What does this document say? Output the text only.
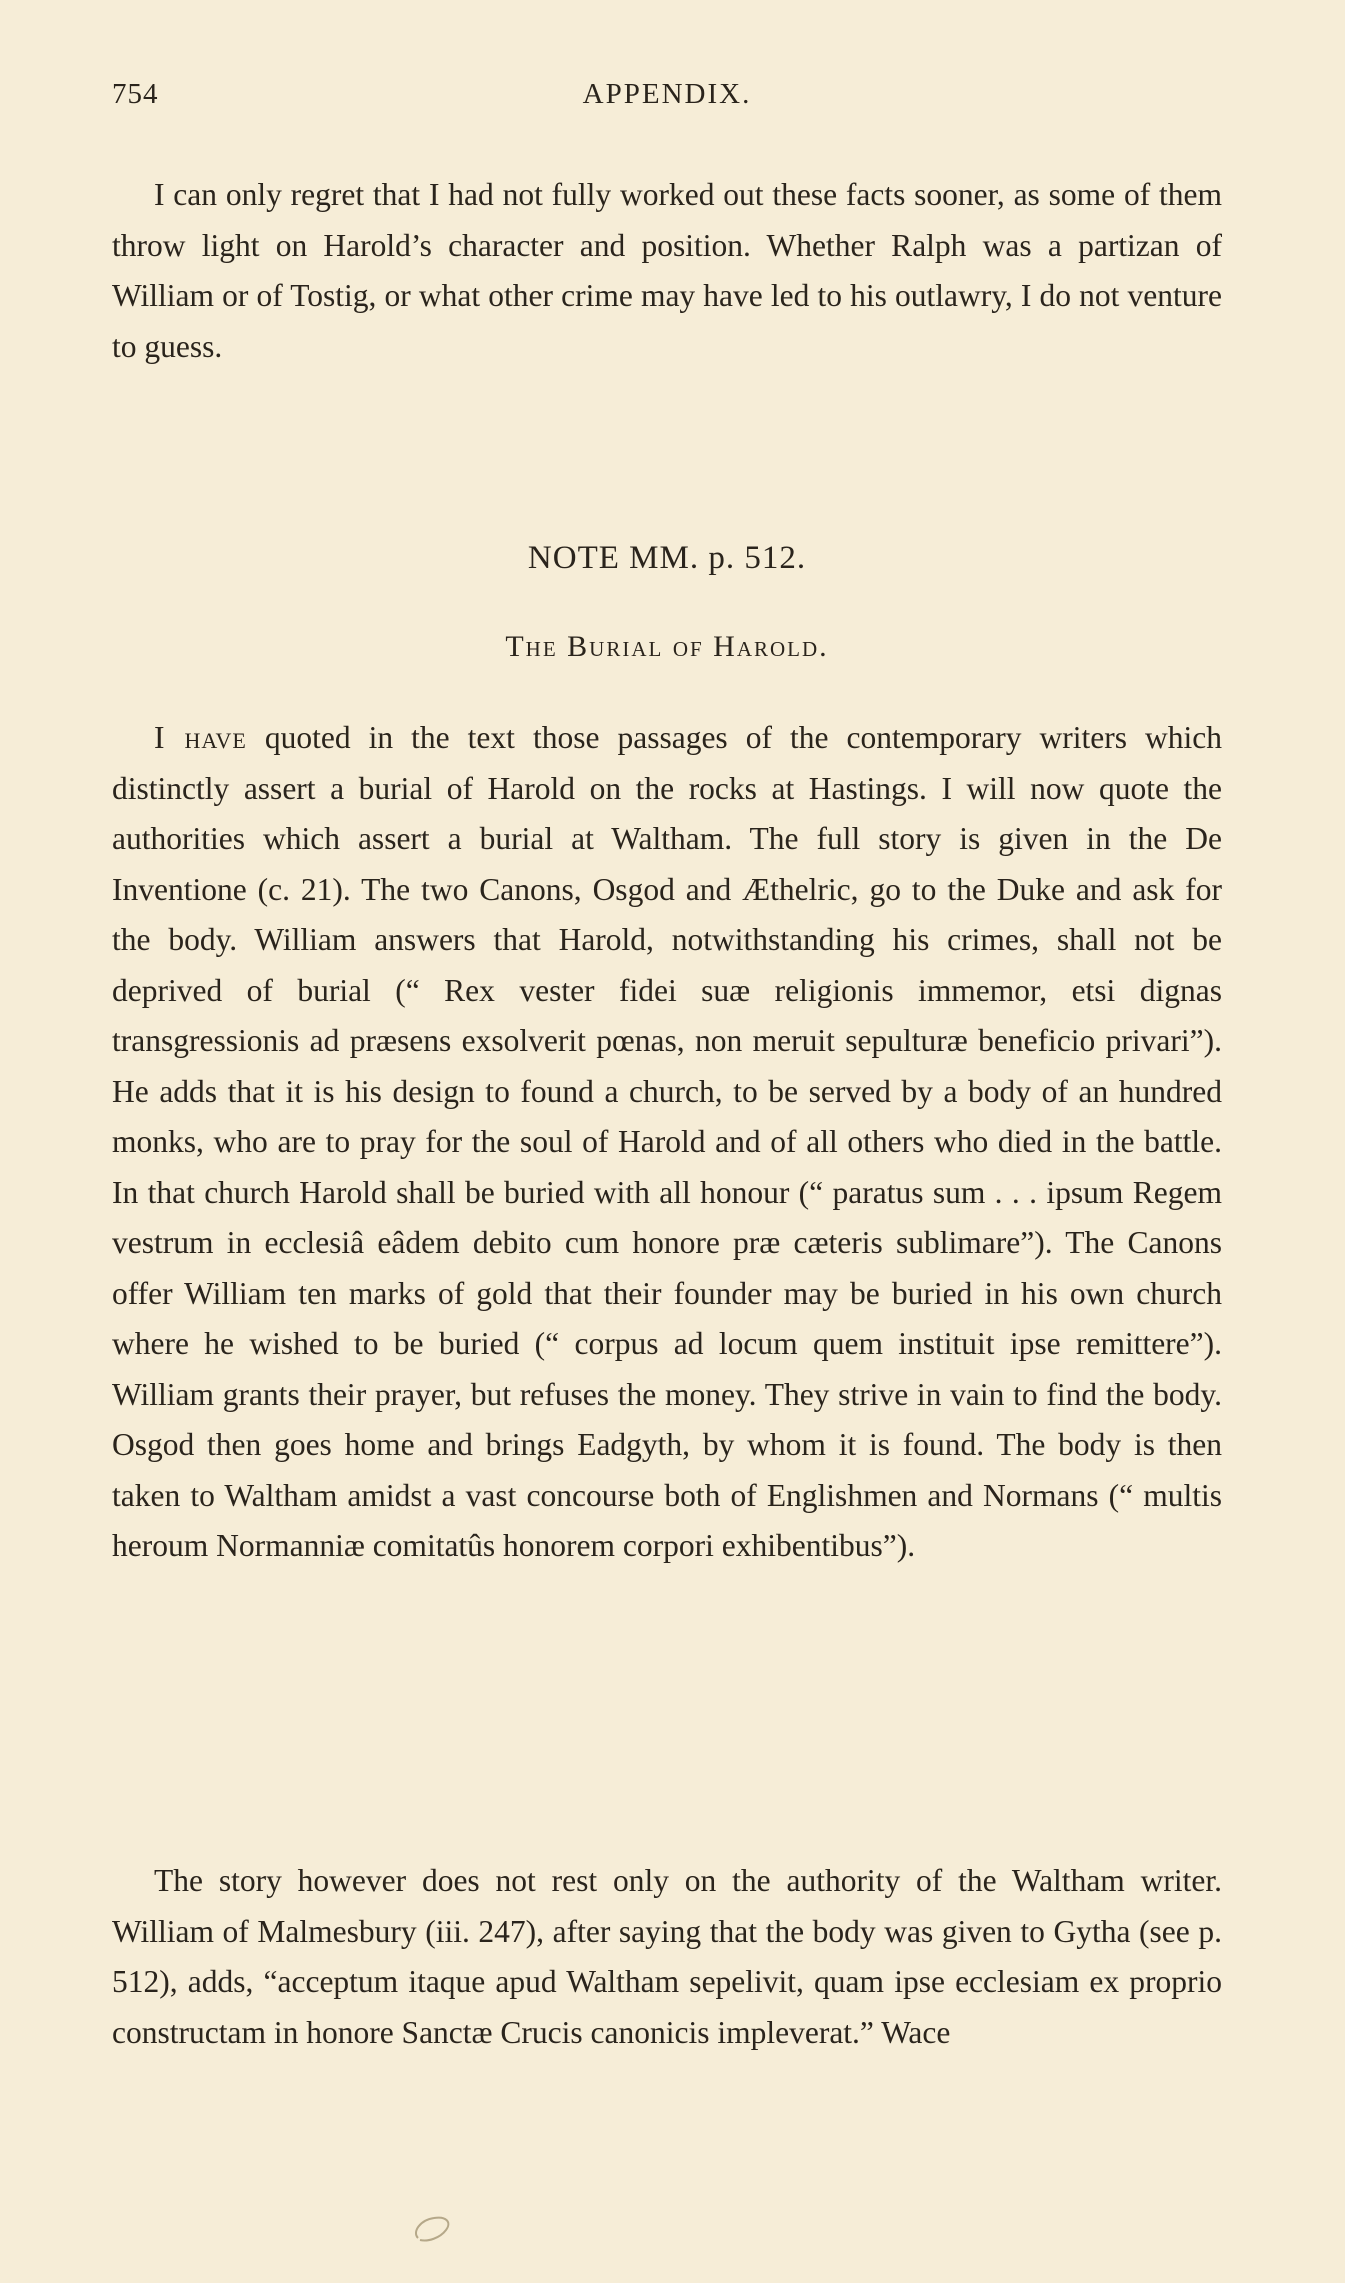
754	APPENDIX.

I can only regret that I had not fully worked out these facts sooner, as some of them throw light on Harold’s character and position. Whether Ralph was a partizan of William or of Tostig, or what other crime may have led to his outlawry, I do not venture to guess.

NOTE MM. p. 512.
The Burial of Harold.

I have quoted in the text those passages of the contemporary writers which distinctly assert a burial of Harold on the rocks at Hastings. I will now quote the authorities which assert a burial at Waltham. The full story is given in the De Inventione (c. 21). The two Canons, Osgod and Æthelric, go to the Duke and ask for the body. William answers that Harold, notwithstanding his crimes, shall not be deprived of burial (“ Rex vester fidei suæ religionis immemor, etsi dignas transgressionis ad præsens exsolverit pœnas, non meruit sepulturæ beneficio privari”). He adds that it is his design to found a church, to be served by a body of an hundred monks, who are to pray for the soul of Harold and of all others who died in the battle. In that church Harold shall be buried with all honour (“ paratus sum . . . ipsum Regem vestrum in ecclesiâ eâdem debito cum honore præ cæteris sublimare”). The Canons offer William ten marks of gold that their founder may be buried in his own church where he wished to be buried (“ corpus ad locum quem instituit ipse remittere”). William grants their prayer, but refuses the money. They strive in vain to find the body. Osgod then goes home and brings Eadgyth, by whom it is found. The body is then taken to Waltham amidst a vast concourse both of Englishmen and Normans (“ multis heroum Normanniæ comitatûs honorem corpori exhibentibus”).

The story however does not rest only on the authority of the Waltham writer. William of Malmesbury (iii. 247), after saying that the body was given to Gytha (see p. 512), adds, “acceptum itaque apud Waltham sepelivit, quam ipse ecclesiam ex proprio constructam in honore Sanctæ Crucis canonicis impleverat.” Wace
